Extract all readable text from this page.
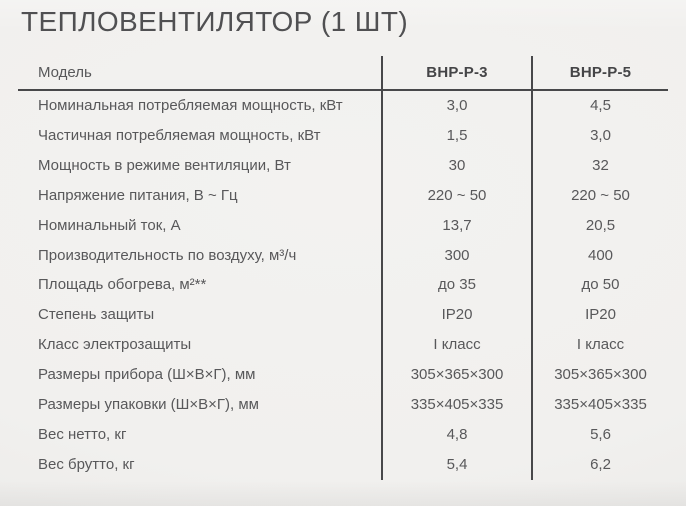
ТЕПЛОВЕНТИЛЯТОР (1 ШТ)
Модель	BHP-P-3	BHP-P-5
Номинальная потребляемая мощность, кВт	3,0	4,5
Частичная потребляемая мощность, кВт	1,5	3,0
Мощность в режиме вентиляции, Вт	30	32
Напряжение питания, В ~ Гц	220 ~ 50	220 ~ 50
Номинальный ток, А	13,7	20,5
Производительность по воздуху, м³/ч	300	400
Площадь обогрева, м²**	до 35	до 50
Степень защиты	IP20	IP20
Класс электрозащиты	I класс	I класс
Размеры прибора (Ш×В×Г), мм	305×365×300	305×365×300
Размеры упаковки (Ш×В×Г), мм	335×405×335	335×405×335
Вес нетто, кг	4,8	5,6
Вес брутто, кг	5,4	6,2
